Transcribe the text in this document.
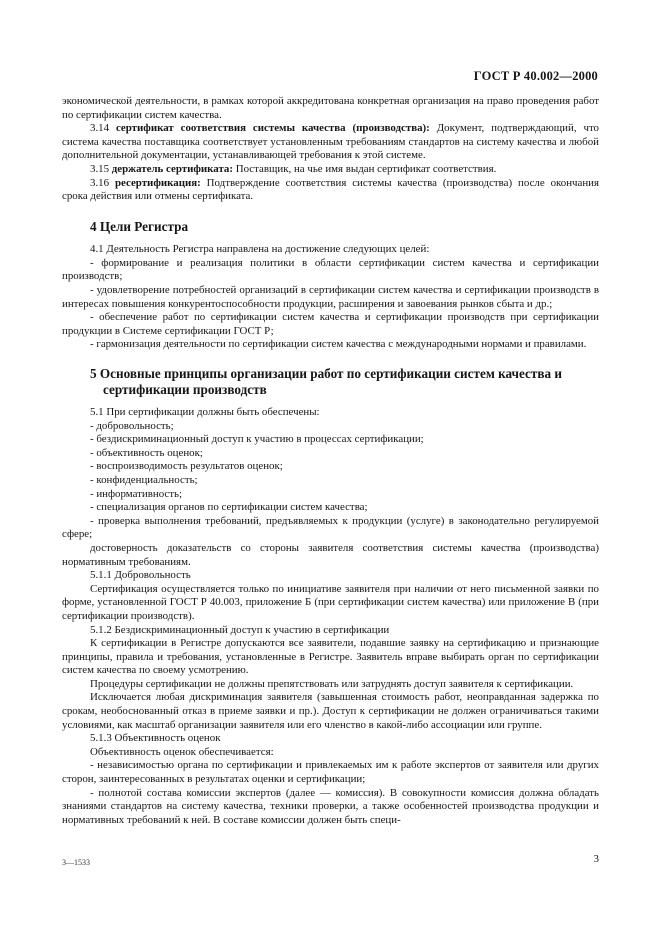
ГОСТ Р 40.002—2000

экономической деятельности, в рамках которой аккредитована конкретная организация на право проведения работ по сертификации систем качества.

3.14 сертификат соответствия системы качества (производства): Документ, подтверждающий, что система качества поставщика соответствует установленным требованиям стандартов на систему качества и любой дополнительной документации, устанавливающей требования к этой системе.

3.15 держатель сертификата: Поставщик, на чье имя выдан сертификат соответствия.

3.16 ресертификация: Подтверждение соответствия системы качества (производства) после окончания срока действия или отмены сертификата.

4 Цели Регистра

4.1 Деятельность Регистра направлена на достижение следующих целей:

- формирование и реализация политики в области сертификации систем качества и сертификации производств;

- удовлетворение потребностей организаций в сертификации систем качества и сертификации производств в интересах повышения конкурентоспособности продукции, расширения и завоевания рынков сбыта и др.;

- обеспечение работ по сертификации систем качества и сертификации производств при сертификации продукции в Системе сертификации ГОСТ Р;

- гармонизация деятельности по сертификации систем качества с международными нормами и правилами.

5 Основные принципы организации работ по сертификации систем качества и
сертификации производств

5.1 При сертификации должны быть обеспечены:

- добровольность;

- бездискриминационный доступ к участию в процессах сертификации;

- объективность оценок;

- воспроизводимость результатов оценок;

- конфиденциальность;

- информативность;

- специализация органов по сертификации систем качества;

- проверка выполнения требований, предъявляемых к продукции (услуге) в законодательно регулируемой сфере;

достоверность доказательств со стороны заявителя соответствия системы качества (производства) нормативным требованиям.

5.1.1 Добровольность

Сертификация осуществляется только по инициативе заявителя при наличии от него письменной заявки по форме, установленной ГОСТ Р 40.003, приложение Б (при сертификации систем качества) или приложение В (при сертификации производств).

5.1.2 Бездискриминационный доступ к участию в сертификации

К сертификации в Регистре допускаются все заявители, подавшие заявку на сертификацию и признающие принципы, правила и требования, установленные в Регистре. Заявитель вправе выбирать орган по сертификации систем качества по своему усмотрению.

Процедуры сертификации не должны препятствовать или затруднять доступ заявителя к сертификации.

Исключается любая дискриминация заявителя (завышенная стоимость работ, неоправданная задержка по срокам, необоснованный отказ в приеме заявки и пр.). Доступ к сертификации не должен ограничиваться такими условиями, как масштаб организации заявителя или его членство в какой-либо ассоциации или группе.

5.1.3 Объективность оценок

Объективность оценок обеспечивается:

- независимостью органа по сертификации и привлекаемых им к работе экспертов от заявителя или других сторон, заинтересованных в результатах оценки и сертификации;

- полнотой состава комиссии экспертов (далее — комиссия). В совокупности комиссия должна обладать знаниями стандартов на систему качества, техники проверки, а также особенностей производства продукции и нормативных требований к ней. В составе комиссии должен быть специ-

3—1533	3
